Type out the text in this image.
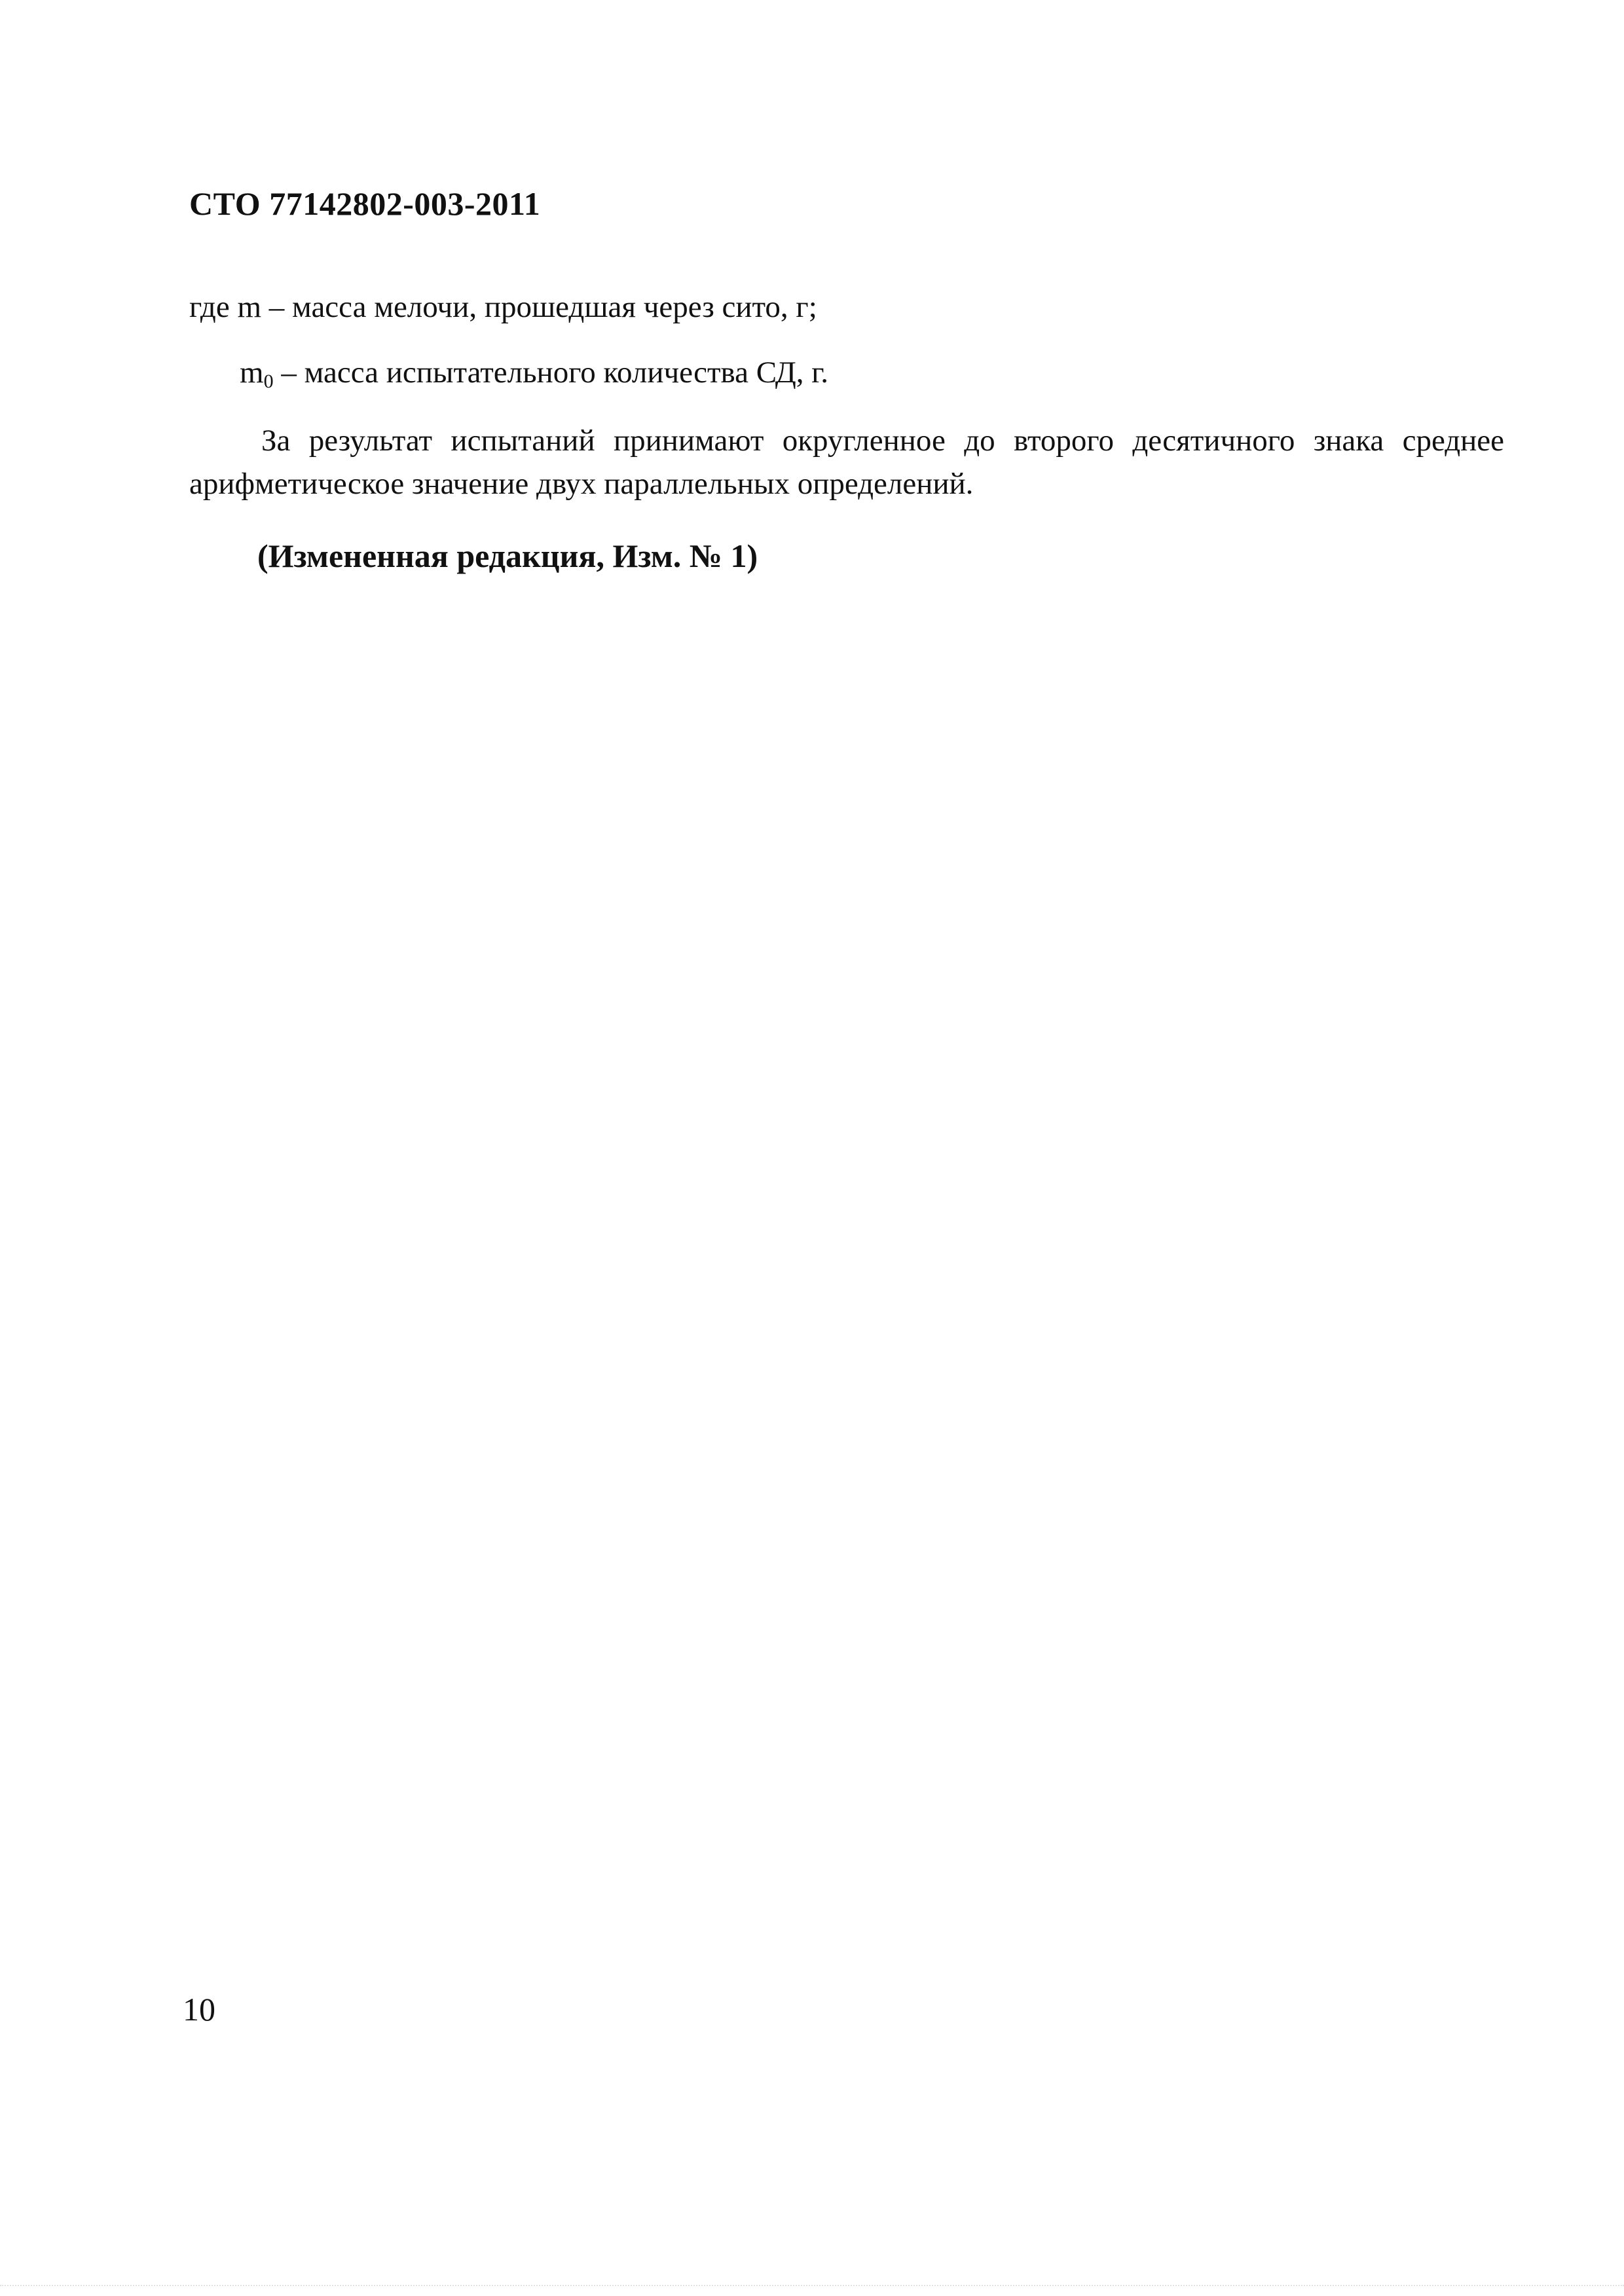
СТО 77142802-003-2011
где m – масса мелочи, прошедшая через сито, г;
$m_0$ – масса испытательного количества СД, г.

За результат испытаний принимают округленное до второго десятичного знака среднее арифметическое значение двух параллельных определений.

(Измененная редакция, Изм. № 1)
10
